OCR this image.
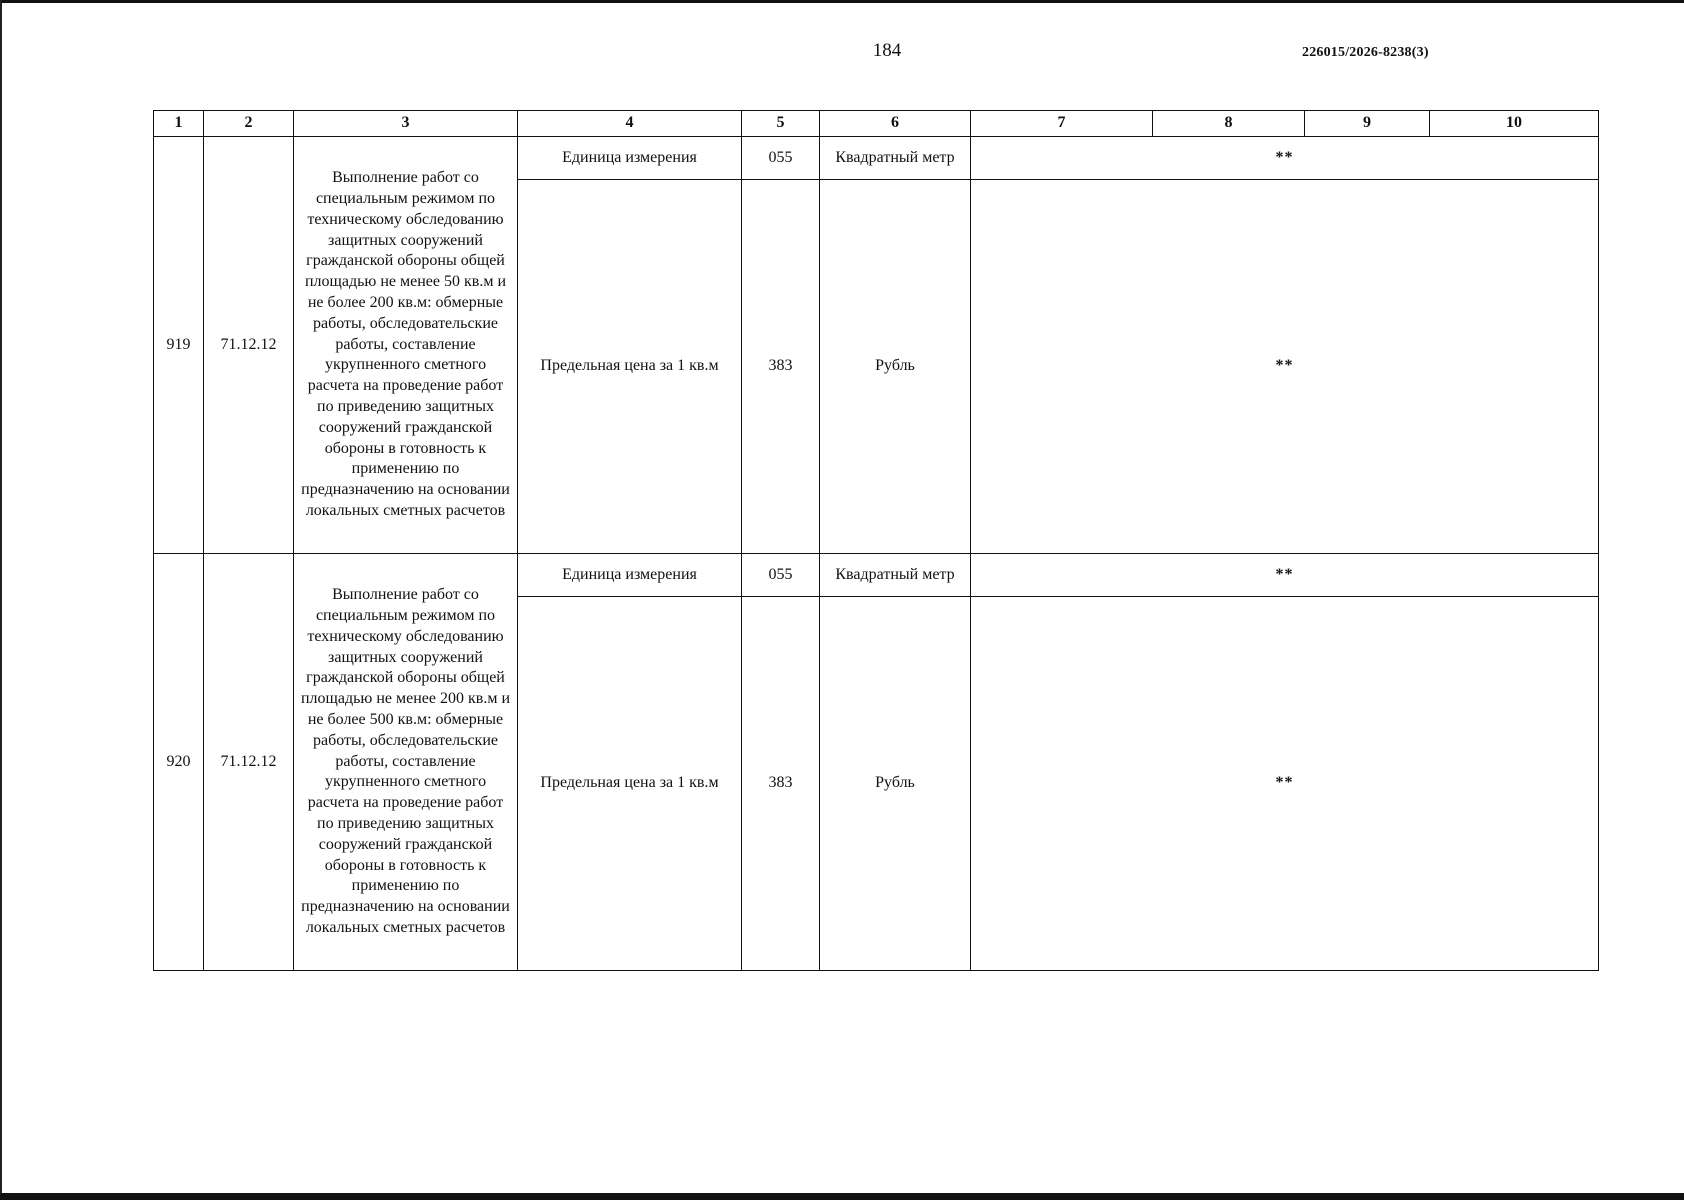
184	226015/2026-8238(3)
1	2	3	4	5	6	7	8	9	10
919	71.12.12	Выполнение работ со специальным режимом по техническому обследованию защитных сооружений гражданской обороны общей площадью не менее 50 кв.м и не более 200 кв.м: обмерные работы, обследовательские работы, составление укрупненного сметного расчета на проведение работ по приведению защитных сооружений гражданской обороны в готовность к применению по предназначению на основании локальных сметных расчетов	Единица измерения	055	Квадратный метр	**			
			Предельная цена за 1 кв.м	383	Рубль	**			
920	71.12.12	Выполнение работ со специальным режимом по техническому обследованию защитных сооружений гражданской обороны общей площадью не менее 200 кв.м и не более 500 кв.м: обмерные работы, обследовательские работы, составление укрупненного сметного расчета на проведение работ по приведению защитных сооружений гражданской обороны в готовность к применению по предназначению на основании локальных сметных расчетов	Единица измерения	055	Квадратный метр	**			
			Предельная цена за 1 кв.м	383	Рубль	**			
